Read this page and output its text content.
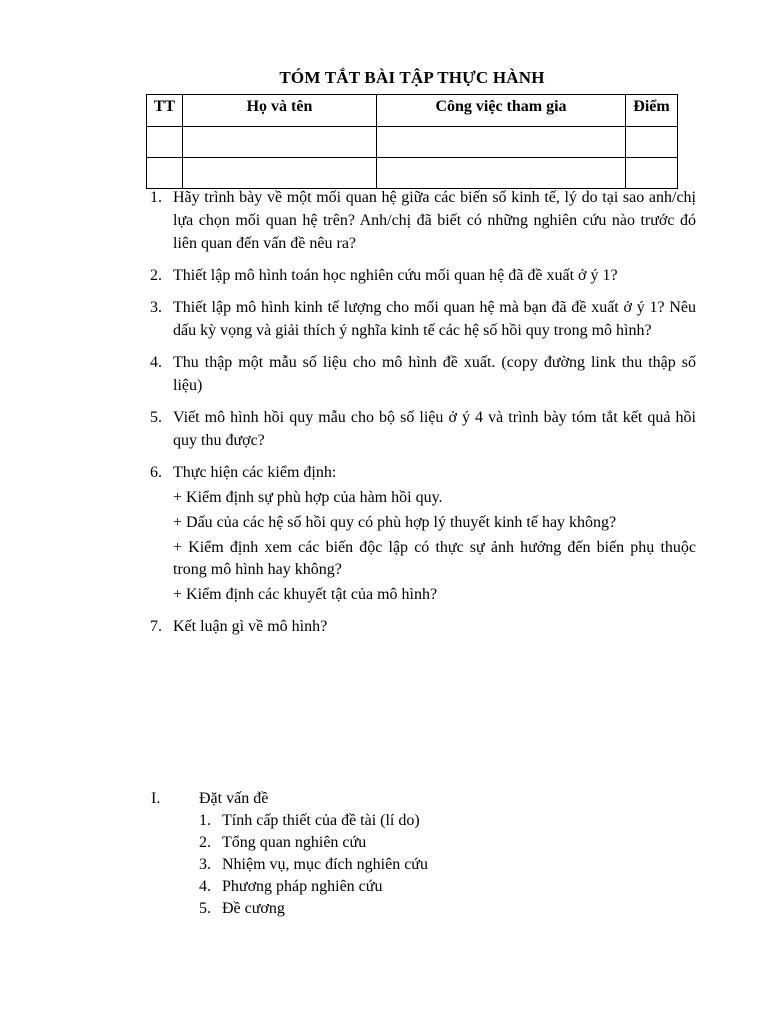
TÓM TẮT BÀI TẬP THỰC HÀNH
TT	Họ và tên	Công việc tham gia	Điểm

1. Hãy trình bày về một mối quan hệ giữa các biến số kinh tế, lý do tại sao anh/chị lựa chọn mối quan hệ trên? Anh/chị đã biết có những nghiên cứu nào trước đó liên quan đến vấn đề nêu ra?
2. Thiết lập mô hình toán học nghiên cứu mối quan hệ đã đề xuất ở ý 1?
3. Thiết lập mô hình kinh tế lượng cho mối quan hệ mà bạn đã đề xuất ở ý 1? Nêu dấu kỳ vọng và giải thích ý nghĩa kinh tế các hệ số hồi quy trong mô hình?
4. Thu thập một mẫu số liệu cho mô hình đề xuất. (copy đường link thu thập số liệu)
5. Viết mô hình hồi quy mẫu cho bộ số liệu ở ý 4 và trình bày tóm tắt kết quả hồi quy thu được?
6. Thực hiện các kiểm định:
+ Kiểm định sự phù hợp của hàm hồi quy.
+ Dấu của các hệ số hồi quy có phù hợp lý thuyết kinh tế hay không?
+ Kiểm định xem các biến độc lập có thực sự ảnh hưởng đến biến phụ thuộc trong mô hình hay không?
+ Kiểm định các khuyết tật của mô hình?
7. Kết luận gì về mô hình?
I. Đặt vấn đề
1. Tính cấp thiết của đề tài (lí do)
2. Tổng quan nghiên cứu
3. Nhiệm vụ, mục đích nghiên cứu
4. Phương pháp nghiên cứu
5. Đề cương
